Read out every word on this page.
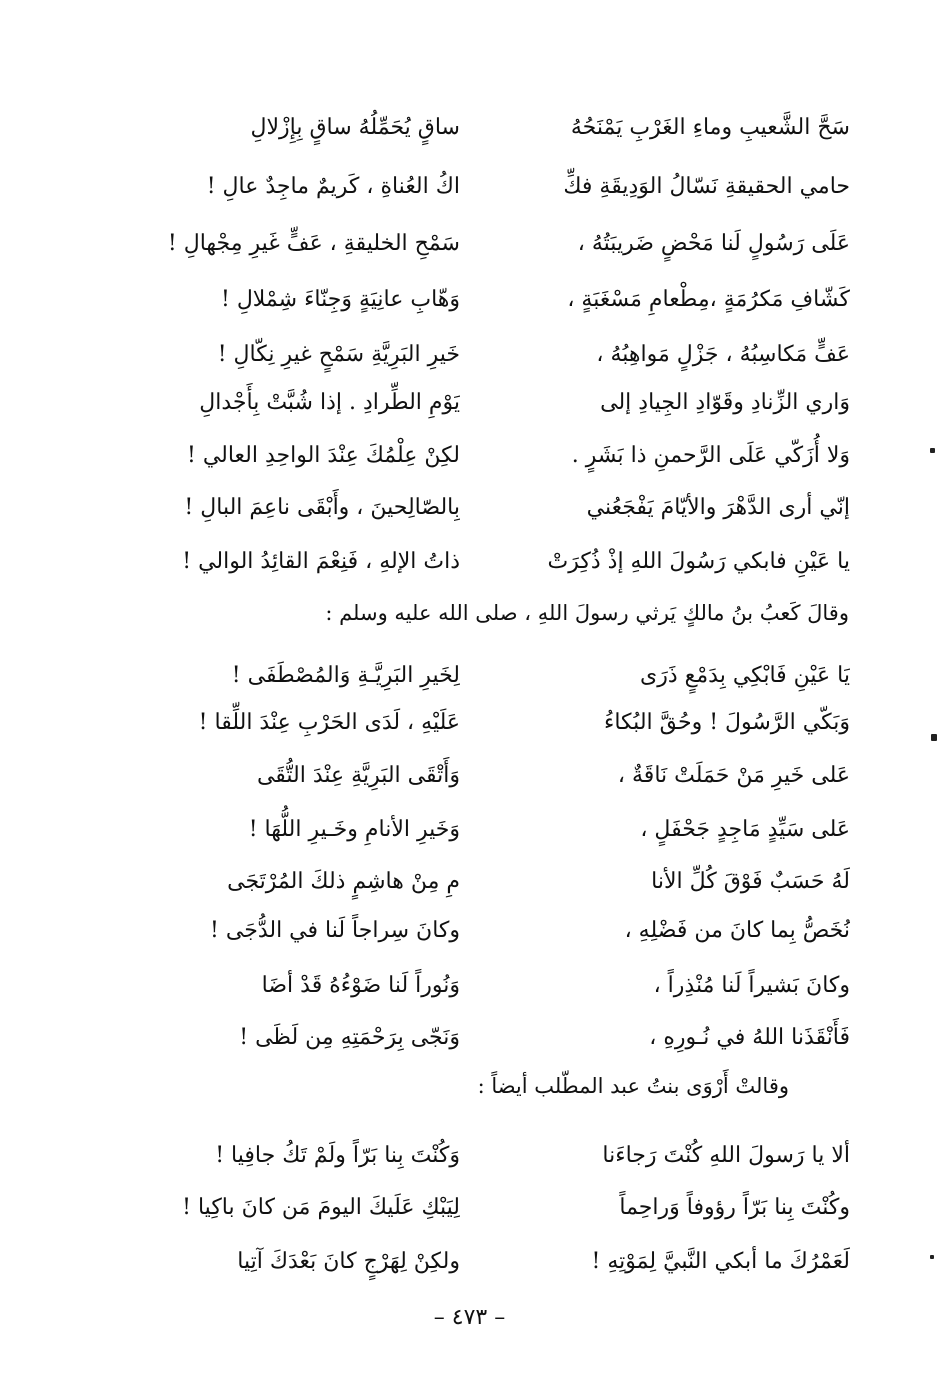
سَحَّ الشَّعيبِ وماءِ الغَرْبِ يَمْنَحُهُ
ساقٍ يُحَمِّلُهُ ساقٍ بِإِزْلالِ
حامي الحقيقةِ نَسّالُ الوَدِيقَةِ فكِّ
اكُ العُناةِ ، كَريمٌ ماجِدٌ عالِ !
عَلَى رَسُولٍ لَنا مَحْضٍ ضَريبَتُهُ ،
سَمْحِ الخليقةِ ، عَفٍّ غَيرِ مِجْهالِ !
كَشّافِ مَكرُمَةٍ ،مِطْعامِ مَسْغَبَةٍ ،
وَهّابِ عانِيَةٍ وَجِنّاءَ شِمْلالِ !
عَفٍّ مَكاسِبُهُ ، جَزْلٍ مَواهِبُهُ ،
خَيرِ البَرِيَّةِ سَمْحٍ غيرِ نِكّالِ !
وَاري الزِّنادِ وقَوّادِ الجِيادِ إلى
يَوْمِ الطِّرادِ . إذا شُبَّتْ بِأَجْدالِ
وَلا أُزَكّي عَلَى الرَّحمنِ ذا بَشَرٍ .
لكِنْ عِلْمُكَ عِنْدَ الواحِدِ العالي !
إنّي أرى الدَّهْرَ والأيّامَ يَفْجَعُني
بِالصّالِحينَ ، وأَبْقَى ناعِمَ البالِ !
يا عَيْنِ فابكي رَسُولَ اللهِ إذْ ذُكِرَتْ
ذاتُ الإلهِ ، فَنِعْمَ القائِدُ الوالي !
وقالَ كَعبُ بنُ مالكٍ يَرثي رسولَ اللهِ ، صلى الله عليه وسلم :
يَا عَيْنِ فَابْكِي بِدَمْعٍ ذَرَى
لِخَيرِ البَرِيَّـةِ وَالمُصْطَفَى !
وَبَكّي الرَّسُولَ ! وحُقَّ البُكاءُ
عَلَيْهِ ، لَدَى الحَرْبِ عِنْدَ اللِّقا !
عَلى خَيرِ مَنْ حَمَلَتْ نَاقَةٌ ،
وَأَتْقَى البَرِيَّةِ عِنْدَ التُّقَى
عَلى سَيِّدٍ مَاجِدٍ جَحْفَلٍ ،
وَخَيرِ الأنامِ وخَـيرِ اللُّهَا !
لَهُ حَسَبٌ فَوْقَ كُلِّ الأنا
مِ مِنْ هاشِمٍ ذلكَ المُرْتَجَى
نُخَصُّ بِما كانَ من فَضْلِهِ ،
وكانَ سِراجاً لَنا في الدُّجَى !
وكانَ بَشيراً لَنا مُنْذِراً ،
وَنُوراً لَنا ضَوْءُهُ قَدْ أضَا
فَأَنْقَذَنا اللهُ في نُـورِهِ ،
وَنَجّى بِرَحْمَتِهِ مِن لَظَى !
وقالتْ أَرْوَى بنتُ عبد المطّلب أيضاً :
ألا يا رَسولَ اللهِ كُنْتَ رَجاءَنا
وَكُنْتَ بِنا بَرّاً ولَمْ تَكُ جافِيا !
وكُنْتَ بِنا بَرّاً رؤوفاً وَراحِماً
لِيَبْكِ عَلَيكَ اليومَ مَن كانَ باكِيا !
لَعَمْرُكَ ما أبكي النَّبيَّ لِمَوْتِهِ !
ولكِنْ لِهَرْجٍ كانَ بَعْدَكَ آتِيا
– ٤٧٣ –
